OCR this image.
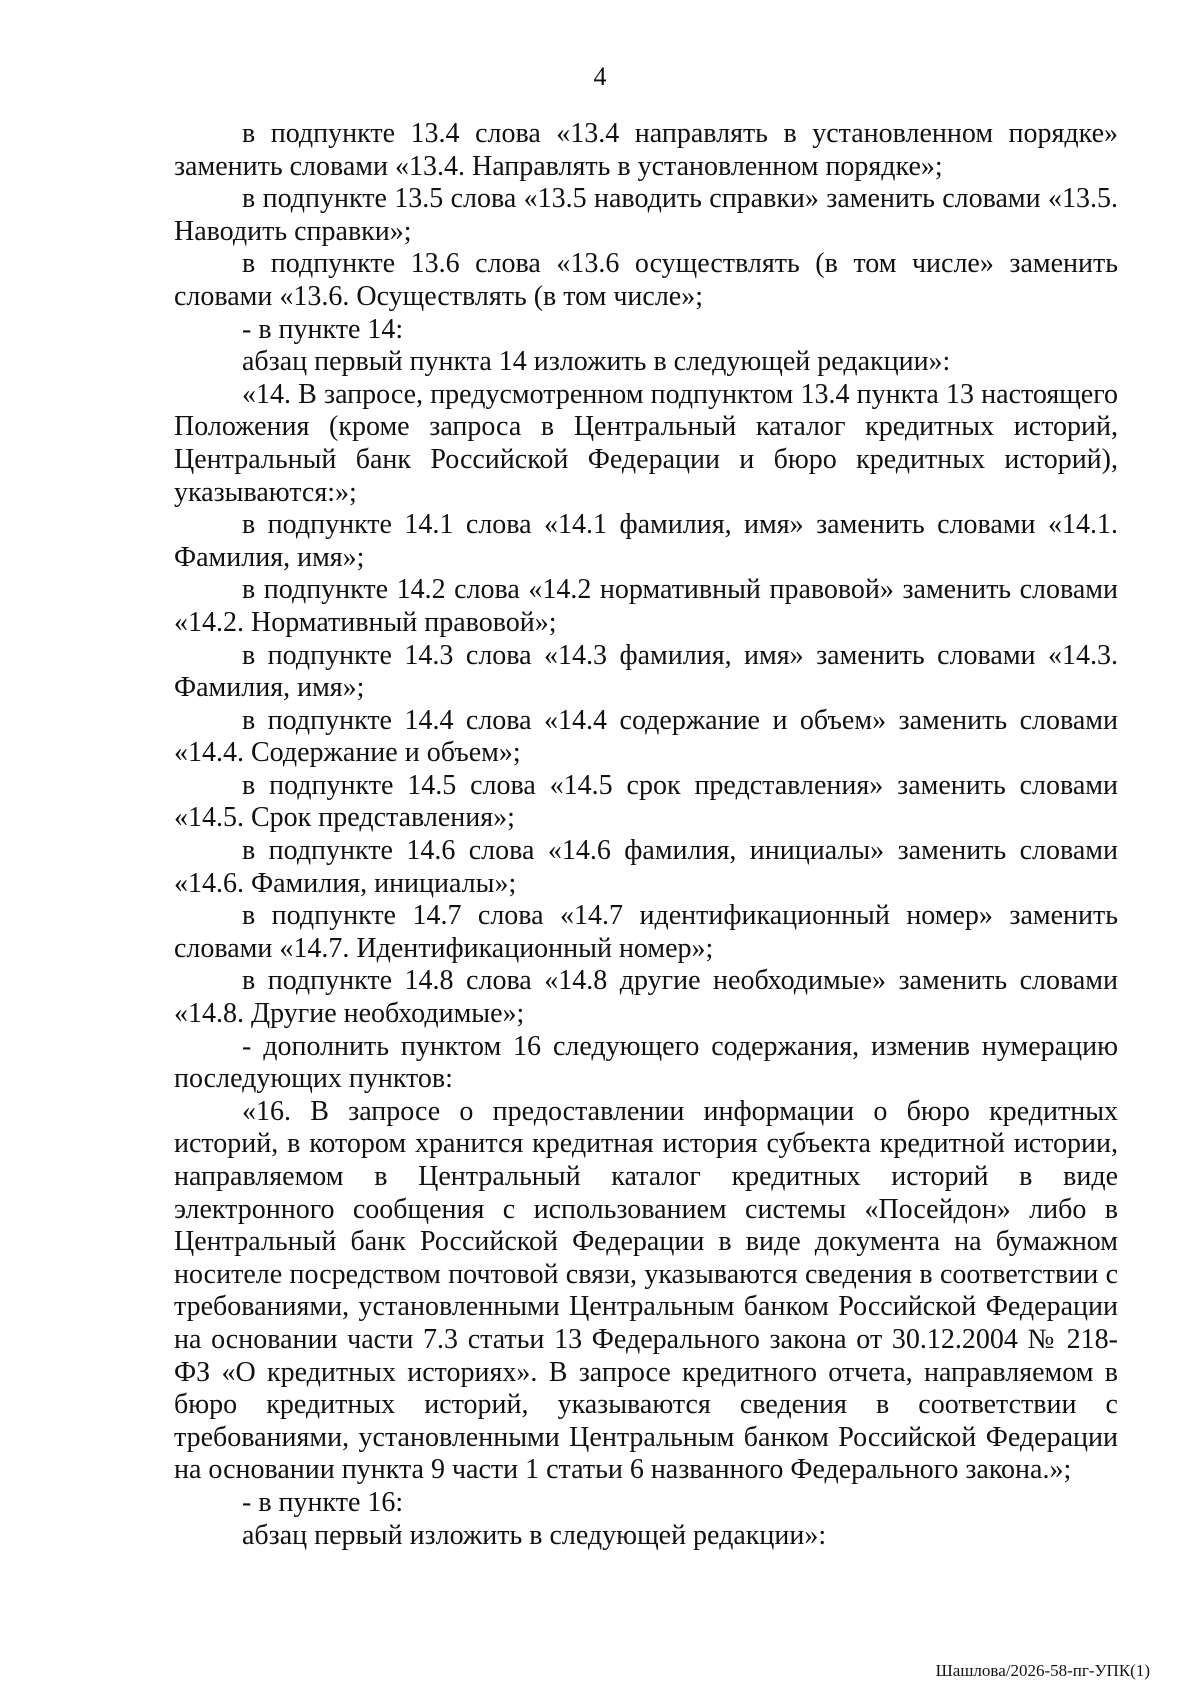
4

в подпункте 13.4 слова «13.4 направлять в установленном порядке» заменить словами «13.4. Направлять в установленном порядке»;

в подпункте 13.5 слова «13.5 наводить справки» заменить словами «13.5. Наводить справки»;

в подпункте 13.6 слова «13.6 осуществлять (в том числе» заменить словами «13.6. Осуществлять (в том числе»;

- в пункте 14:

абзац первый пункта 14 изложить в следующей редакции»:

«14. В запросе, предусмотренном подпунктом 13.4 пункта 13 настоящего Положения (кроме запроса в Центральный каталог кредитных историй, Центральный банк Российской Федерации и бюро кредитных историй), указываются:»;

в подпункте 14.1 слова «14.1 фамилия, имя» заменить словами «14.1. Фамилия, имя»;

в подпункте 14.2 слова «14.2 нормативный правовой» заменить словами «14.2. Нормативный правовой»;

в подпункте 14.3 слова «14.3 фамилия, имя» заменить словами «14.3. Фамилия, имя»;

в подпункте 14.4 слова «14.4 содержание и объем» заменить словами «14.4. Содержание и объем»;

в подпункте 14.5 слова «14.5 срок представления» заменить словами «14.5. Срок представления»;

в подпункте 14.6 слова «14.6 фамилия, инициалы» заменить словами «14.6. Фамилия, инициалы»;

в подпункте 14.7 слова «14.7 идентификационный номер» заменить словами «14.7. Идентификационный номер»;

в подпункте 14.8 слова «14.8 другие необходимые» заменить словами «14.8. Другие необходимые»;

- дополнить пунктом 16 следующего содержания, изменив нумерацию последующих пунктов:

«16. В запросе о предоставлении информации о бюро кредитных историй, в котором хранится кредитная история субъекта кредитной истории, направляемом в Центральный каталог кредитных историй в виде электронного сообщения с использованием системы «Посейдон» либо в Центральный банк Российской Федерации в виде документа на бумажном носителе посредством почтовой связи, указываются сведения в соответствии с требованиями, установленными Центральным банком Российской Федерации на основании части 7.3 статьи 13 Федерального закона от 30.12.2004 № 218-ФЗ «О кредитных историях». В запросе кредитного отчета, направляемом в бюро кредитных историй, указываются сведения в соответствии с требованиями, установленными Центральным банком Российской Федерации на основании пункта 9 части 1 статьи 6 названного Федерального закона.»;

- в пункте 16:

абзац первый изложить в следующей редакции»:

Шашлова/2026-58-пг-УПК(1)
